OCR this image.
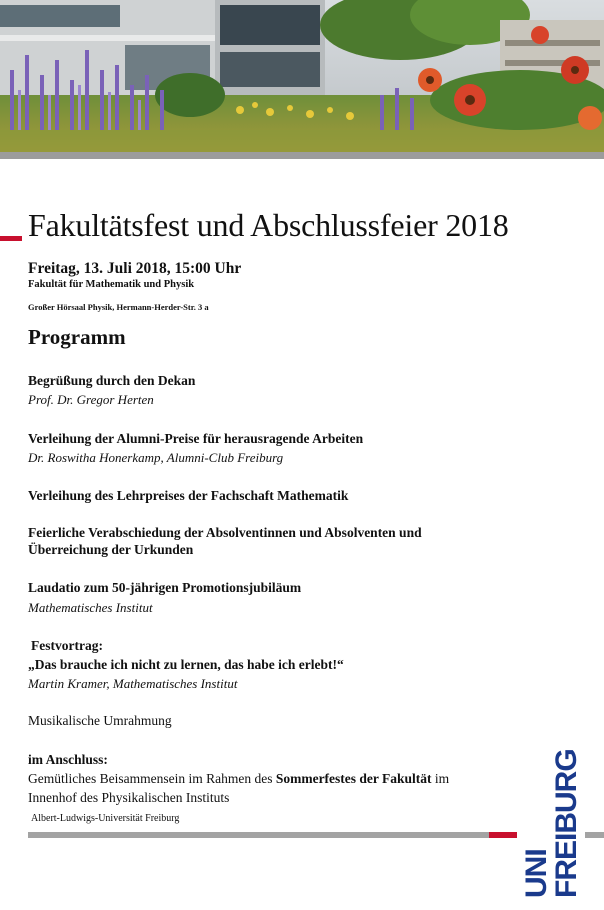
Fakultätsfest und Abschlussfeier 2018
Freitag, 13. Juli 2018, 15:00 Uhr
Fakultät für Mathematik und Physik
Großer Hörsaal Physik, Hermann-Herder-Str. 3 a
Programm
Begrüßung durch den Dekan
Prof. Dr. Gregor Herten
Verleihung der Alumni-Preise für herausragende Arbeiten
Dr. Roswitha Honerkamp, Alumni-Club Freiburg
Verleihung des Lehrpreises der Fachschaft Mathematik
Feierliche Verabschiedung der Absolventinnen und Absolventen und
Überreichung der Urkunden
Laudatio zum 50-jährigen Promotionsjubiläum
Mathematisches Institut
Festvortrag:
„Das brauche ich nicht zu lernen, das habe ich erlebt!“
Martin Kramer, Mathematisches Institut
Musikalische Umrahmung
im Anschluss:
Gemütliches Beisammensein im Rahmen des Sommerfestes der Fakultät im
Innenhof des Physikalischen Instituts
Albert-Ludwigs-Universität Freiburg
UNI
FREIBURG
